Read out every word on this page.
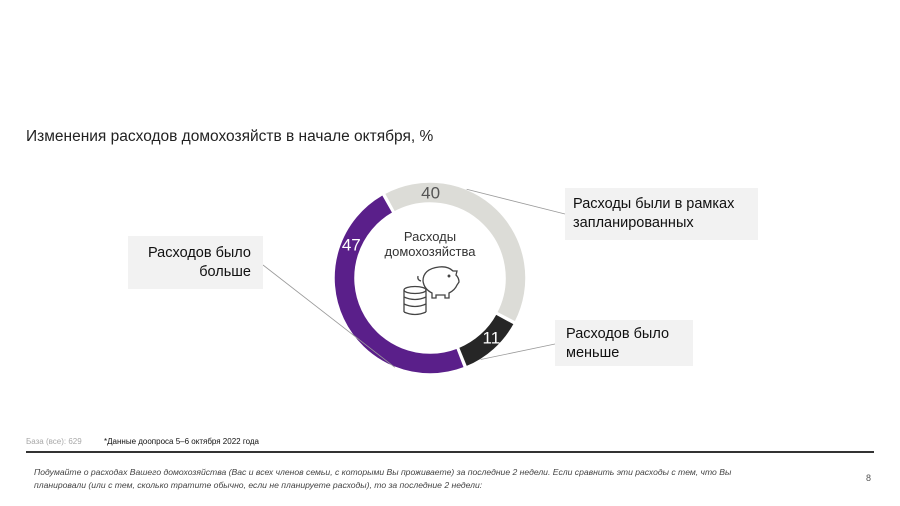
Изменения расходов домохозяйств в начале октября, %
40
11
47	Расходы домохозяйства
Расходы были в рамках запланированных
Расходов было меньше
Расходов было больше
База (все): 629	*Данные доопроса 5–6 октября 2022 года
Подумайте о расходах Вашего домохозяйства (Вас и всех членов семьи, с которыми Вы проживаете) за последние 2 недели. Если сравнить эти расходы с тем, что Вы планировали (или с тем, сколько тратите обычно, если не планируете расходы), то за последние 2 недели:
8
